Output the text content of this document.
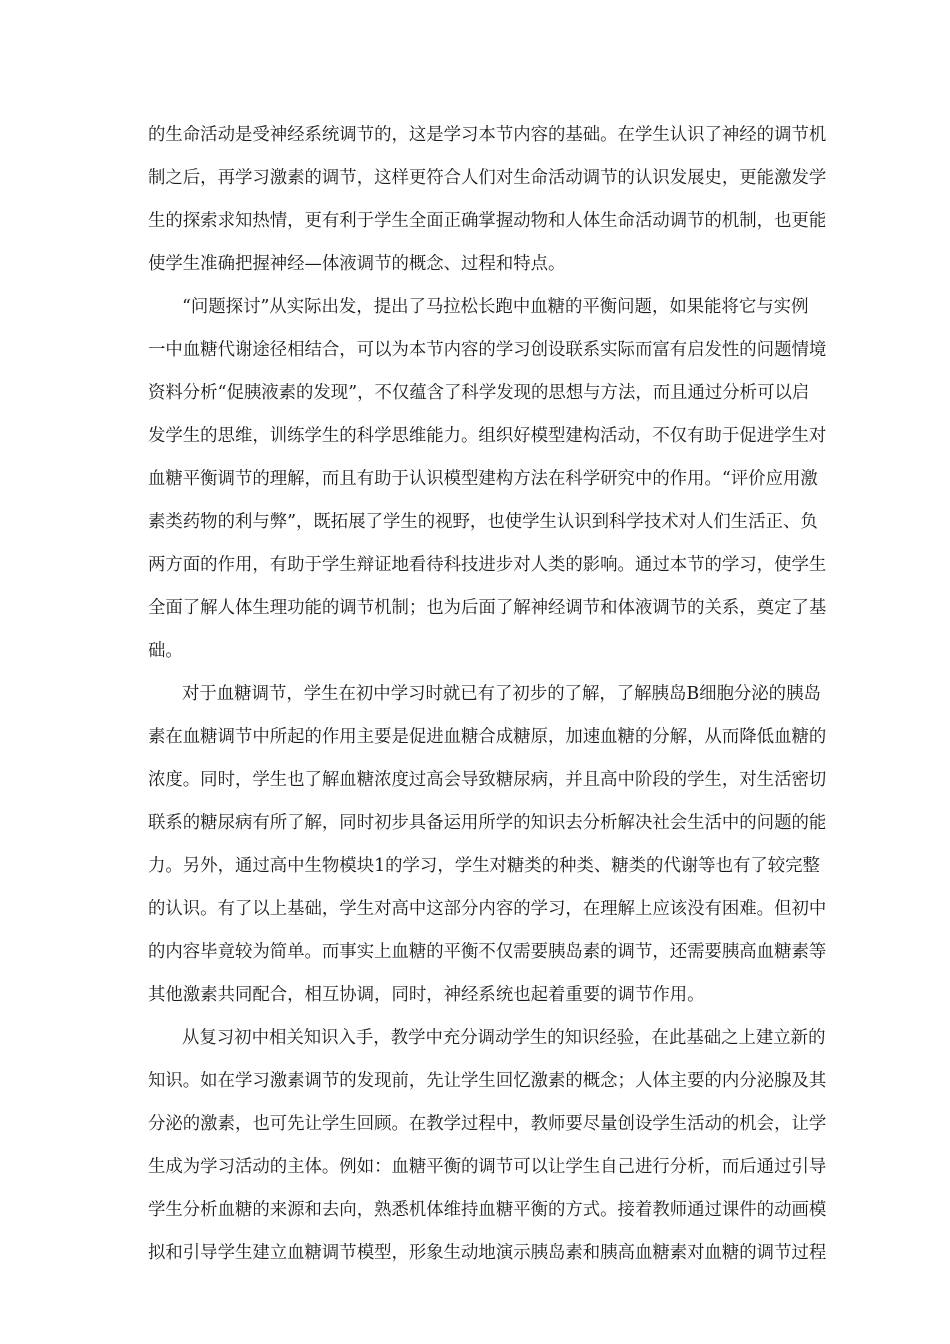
的生命活动是受神经系统调节的，这是学习本节内容的基础。在学生认识了神经的调节机
制之后，再学习激素的调节，这样更符合人们对生命活动调节的认识发展史，更能激发学
生的探索求知热情，更有利于学生全面正确掌握动物和人体生命活动调节的机制，也更能
使学生准确把握神经—体液调节的概念、过程和特点。
“问题探讨”从实际出发，提出了马拉松长跑中血糖的平衡问题，如果能将它与实例
一中血糖代谢途径相结合，可以为本节内容的学习创设联系实际而富有启发性的问题情境
资料分析“促胰液素的发现”，不仅蕴含了科学发现的思想与方法，而且通过分析可以启
发学生的思维，训练学生的科学思维能力。组织好模型建构活动，不仅有助于促进学生对
血糖平衡调节的理解，而且有助于认识模型建构方法在科学研究中的作用。“评价应用激
素类药物的利与弊”，既拓展了学生的视野，也使学生认识到科学技术对人们生活正、负
两方面的作用，有助于学生辩证地看待科技进步对人类的影响。通过本节的学习，使学生
全面了解人体生理功能的调节机制；也为后面了解神经调节和体液调节的关系，奠定了基
础。
对于血糖调节，学生在初中学习时就已有了初步的了解，了解胰岛B细胞分泌的胰岛
素在血糖调节中所起的作用主要是促进血糖合成糖原，加速血糖的分解，从而降低血糖的
浓度。同时，学生也了解血糖浓度过高会导致糖尿病，并且高中阶段的学生，对生活密切
联系的糖尿病有所了解，同时初步具备运用所学的知识去分析解决社会生活中的问题的能
力。另外，通过高中生物模块1的学习，学生对糖类的种类、糖类的代谢等也有了较完整
的认识。有了以上基础，学生对高中这部分内容的学习，在理解上应该没有困难。但初中
的内容毕竟较为简单。而事实上血糖的平衡不仅需要胰岛素的调节，还需要胰高血糖素等
其他激素共同配合，相互协调，同时，神经系统也起着重要的调节作用。
从复习初中相关知识入手，教学中充分调动学生的知识经验，在此基础之上建立新的
知识。如在学习激素调节的发现前，先让学生回忆激素的概念；人体主要的内分泌腺及其
分泌的激素，也可先让学生回顾。在教学过程中，教师要尽量创设学生活动的机会，让学
生成为学习活动的主体。例如：血糖平衡的调节可以让学生自己进行分析，而后通过引导
学生分析血糖的来源和去向，熟悉机体维持血糖平衡的方式。接着教师通过课件的动画模
拟和引导学生建立血糖调节模型，形象生动地演示胰岛素和胰高血糖素对血糖的调节过程
